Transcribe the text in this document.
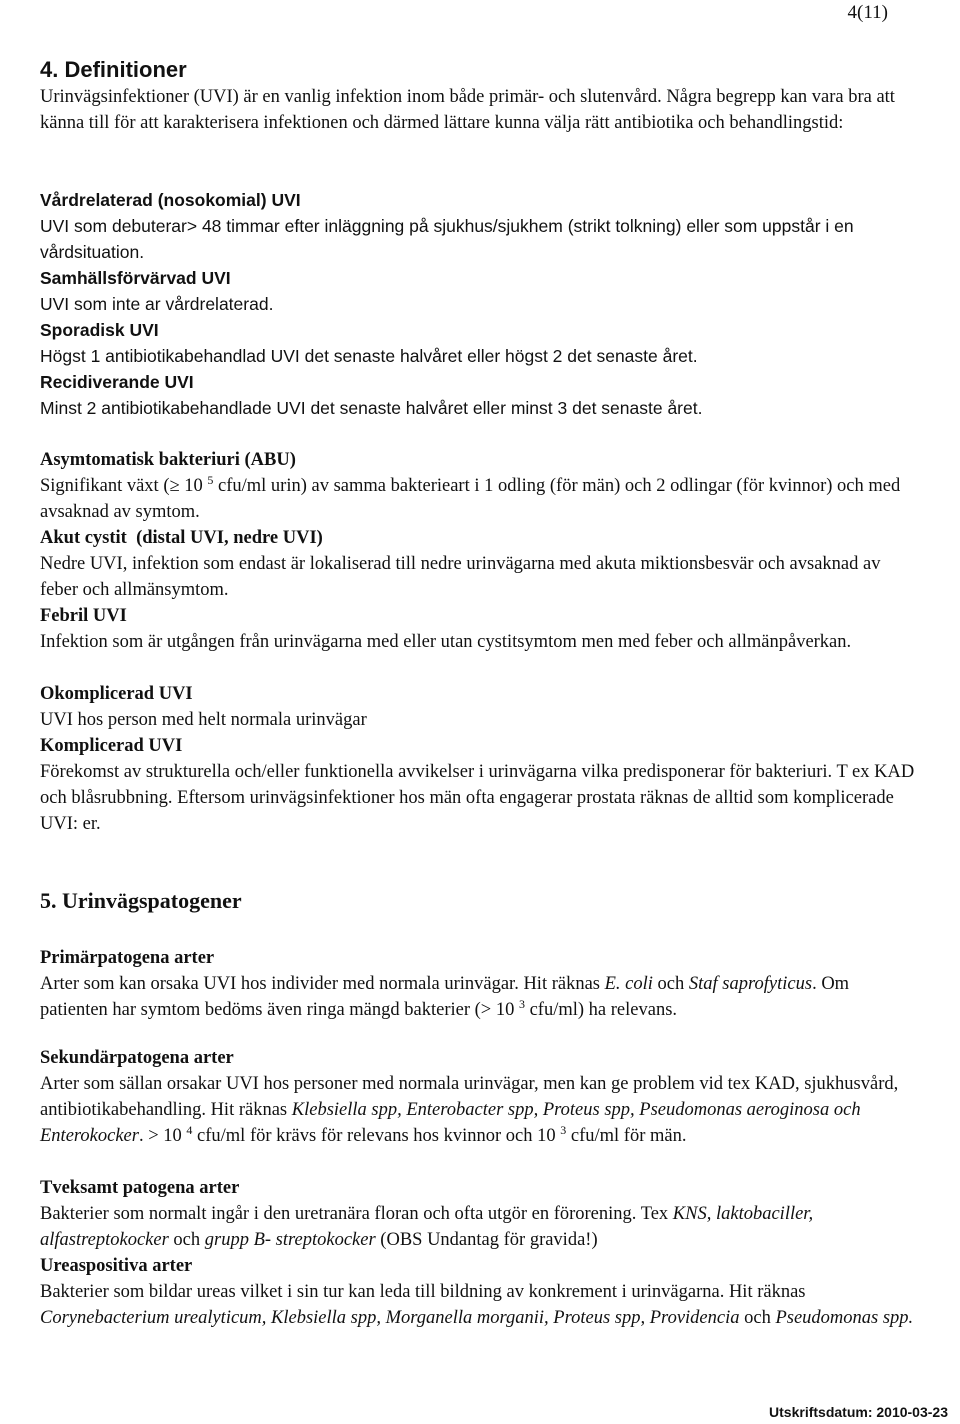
4(11)
4. Definitioner
Urinvägsinfektioner (UVI) är en vanlig infektion inom både primär- och slutenvård. Några begrepp kan vara bra att känna till för att karakterisera infektionen och därmed lättare kunna välja rätt antibiotika och behandlingstid:
Vårdrelaterad (nosokomial) UVI
UVI som debuterar> 48 timmar efter inläggning på sjukhus/sjukhem (strikt tolkning) eller som uppstår i en vårdsituation.
Samhällsförvärvad UVI
UVI som inte ar vårdrelaterad.
Sporadisk UVI
Högst 1 antibiotikabehandlad UVI det senaste halvåret eller högst 2 det senaste året.
Recidiverande UVI
Minst 2 antibiotikabehandlade UVI det senaste halvåret eller minst 3 det senaste året.
Asymtomatisk bakteriuri (ABU)
Signifikant växt (≥ 10 $^5$ cfu/ml urin) av samma bakterieart i 1 odling (för män) och 2 odlingar (för kvinnor) och med avsaknad av symtom.
Akut cystit  (distal UVI, nedre UVI)
Nedre UVI, infektion som endast är lokaliserad till nedre urinvägarna med akuta miktionsbesvär och avsaknad av feber och allmänsymtom.
Febril UVI
Infektion som är utgången från urinvägarna med eller utan cystitsymtom men med feber och allmänpåverkan.
Okomplicerad UVI
UVI hos person med helt normala urinvägar
Komplicerad UVI
Förekomst av strukturella och/eller funktionella avvikelser i urinvägarna vilka predisponerar för bakteriuri. T ex KAD och blåsrubbning. Eftersom urinvägsinfektioner hos män ofta engagerar prostata räknas de alltid som komplicerade UVI: er.
5. Urinvägspatogener
Primärpatogena arter
Arter som kan orsaka UVI hos individer med normala urinvägar. Hit räknas E. coli och Staf saprofyticus. Om patienten har symtom bedöms även ringa mängd bakterier (> 10 $^3$ cfu/ml) ha relevans.
Sekundärpatogena arter
Arter som sällan orsakar UVI hos personer med normala urinvägar, men kan ge problem vid tex KAD, sjukhusvård, antibiotikabehandling. Hit räknas Klebsiella spp, Enterobacter spp, Proteus spp, Pseudomonas aeroginosa och Enterokocker. > 10 $^4$ cfu/ml för krävs för relevans hos kvinnor och 10 $^3$ cfu/ml för män.
Tveksamt patogena arter
Bakterier som normalt ingår i den uretranära floran och ofta utgör en förorening. Tex KNS, laktobaciller, alfastreptokocker och grupp B- streptokocker (OBS Undantag för gravida!)
Ureaspositiva arter
Bakterier som bildar ureas vilket i sin tur kan leda till bildning av konkrement i urinvägarna. Hit räknas Corynebacterium urealyticum, Klebsiella spp, Morganella morganii, Proteus spp, Providencia och Pseudomonas spp.
Utskriftsdatum: 2010-03-23
